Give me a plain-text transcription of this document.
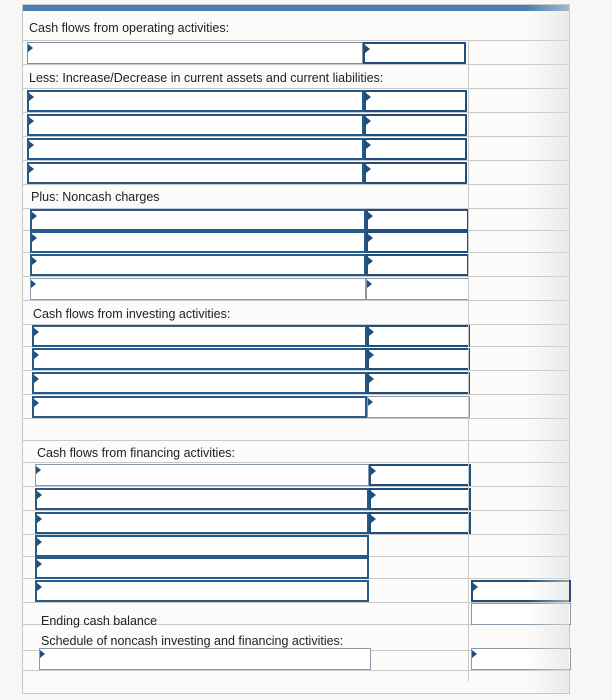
Cash flows from operating activities:
Less: Increase/Decrease in current assets and current liabilities:
Plus: Noncash charges
Cash flows from investing activities:
Cash flows from financing activities:
Ending cash balance
Schedule of noncash investing and financing activities:
